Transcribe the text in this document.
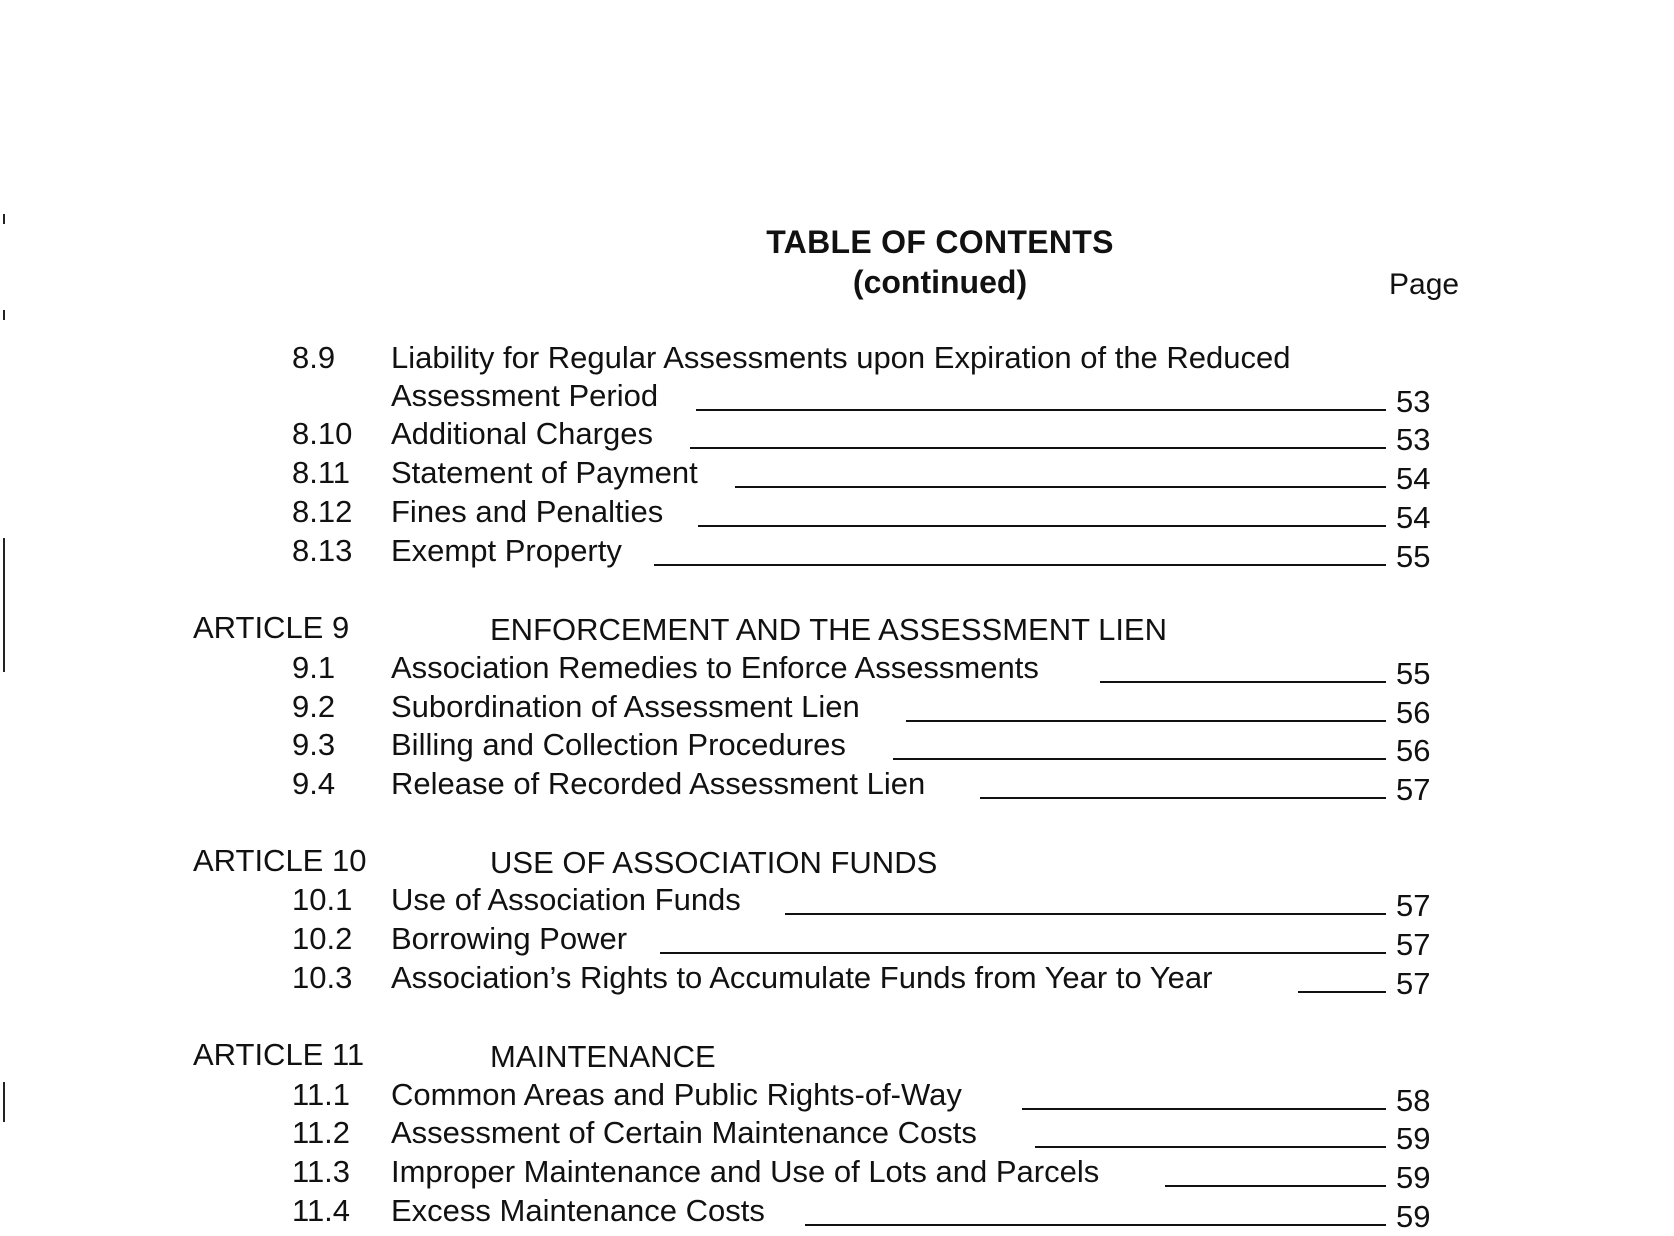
TABLE OF CONTENTS
(continued)	Page
8.9 Liability for Regular Assessments upon Expiration of the Reduced
Assessment Period	53
8.10 Additional Charges	53
8.11 Statement of Payment	54
8.12 Fines and Penalties	54
8.13 Exempt Property	55
ARTICLE 9	ENFORCEMENT AND THE ASSESSMENT LIEN
9.1 Association Remedies to Enforce Assessments	55
9.2 Subordination of Assessment Lien	56
9.3 Billing and Collection Procedures	56
9.4 Release of Recorded Assessment Lien	57
ARTICLE 10	USE OF ASSOCIATION FUNDS
10.1 Use of Association Funds	57
10.2 Borrowing Power	57
10.3 Association’s Rights to Accumulate Funds from Year to Year	57
ARTICLE 11	MAINTENANCE
11.1 Common Areas and Public Rights-of-Way	58
11.2 Assessment of Certain Maintenance Costs	59
11.3 Improper Maintenance and Use of Lots and Parcels	59
11.4 Excess Maintenance Costs	59
